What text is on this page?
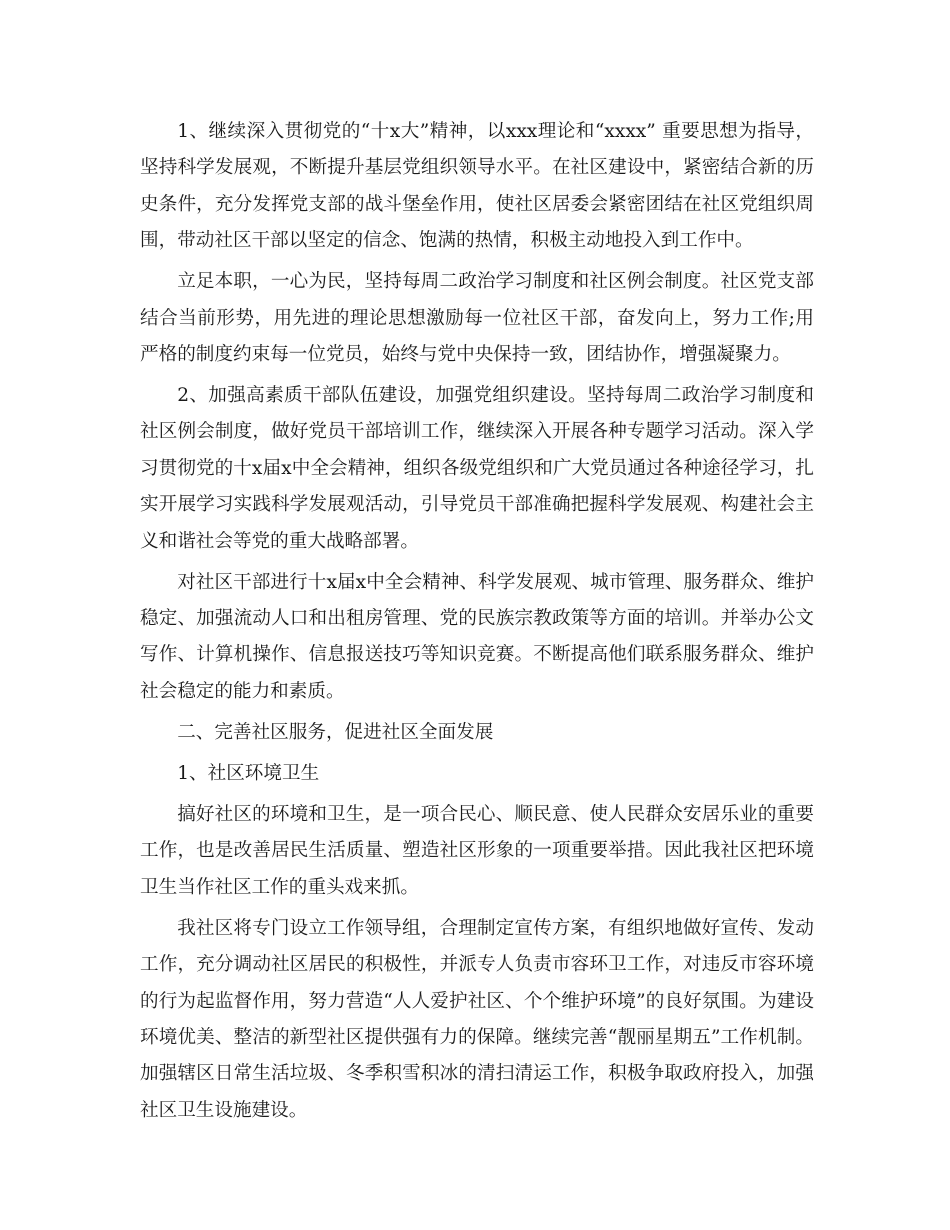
1、继续深入贯彻党的“十x大”精神，以xxx理论和“xxxx” 重要思想为指导，坚持科学发展观，不断提升基层党组织领导水平。在社区建设中，紧密结合新的历史条件，充分发挥党支部的战斗堡垒作用，使社区居委会紧密团结在社区党组织周围，带动社区干部以坚定的信念、饱满的热情，积极主动地投入到工作中。

立足本职，一心为民，坚持每周二政治学习制度和社区例会制度。社区党支部结合当前形势，用先进的理论思想激励每一位社区干部，奋发向上，努力工作;用严格的制度约束每一位党员，始终与党中央保持一致，团结协作，增强凝聚力。

2、加强高素质干部队伍建设，加强党组织建设。坚持每周二政治学习制度和社区例会制度，做好党员干部培训工作，继续深入开展各种专题学习活动。深入学习贯彻党的十x届x中全会精神，组织各级党组织和广大党员通过各种途径学习，扎实开展学习实践科学发展观活动，引导党员干部准确把握科学发展观、构建社会主义和谐社会等党的重大战略部署。

对社区干部进行十x届x中全会精神、科学发展观、城市管理、服务群众、维护稳定、加强流动人口和出租房管理、党的民族宗教政策等方面的培训。并举办公文写作、计算机操作、信息报送技巧等知识竞赛。不断提高他们联系服务群众、维护社会稳定的能力和素质。

二、完善社区服务，促进社区全面发展

1、社区环境卫生

搞好社区的环境和卫生，是一项合民心、顺民意、使人民群众安居乐业的重要工作，也是改善居民生活质量、塑造社区形象的一项重要举措。因此我社区把环境卫生当作社区工作的重头戏来抓。

我社区将专门设立工作领导组，合理制定宣传方案，有组织地做好宣传、发动工作，充分调动社区居民的积极性，并派专人负责市容环卫工作，对违反市容环境的行为起监督作用，努力营造“人人爱护社区、个个维护环境”的良好氛围。为建设环境优美、整洁的新型社区提供强有力的保障。继续完善“靓丽星期五”工作机制。加强辖区日常生活垃圾、冬季积雪积冰的清扫清运工作，积极争取政府投入，加强社区卫生设施建设。
